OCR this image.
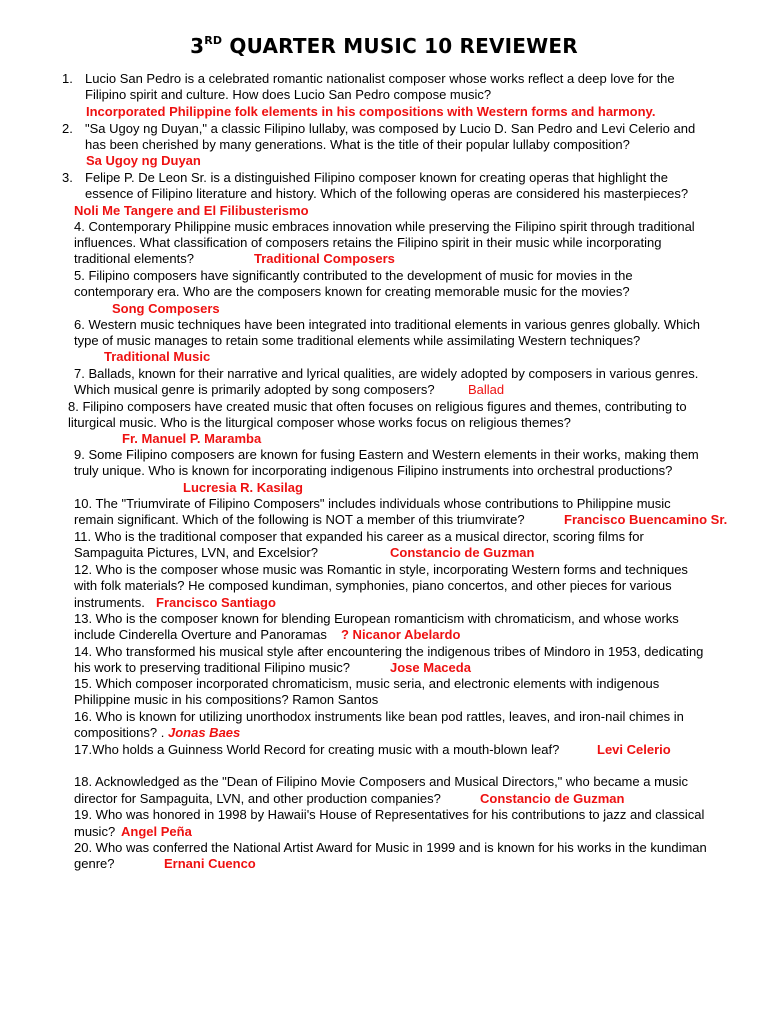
3RD QUARTER MUSIC 10 REVIEWER
1. Lucio San Pedro is a celebrated romantic nationalist composer whose works reflect a deep love for the
Filipino spirit and culture. How does Lucio San Pedro compose music?
Incorporated Philippine folk elements in his compositions with Western forms and harmony.
2. "Sa Ugoy ng Duyan," a classic Filipino lullaby, was composed by Lucio D. San Pedro and Levi Celerio and
has been cherished by many generations. What is the title of their popular lullaby composition?
Sa Ugoy ng Duyan
3. Felipe P. De Leon Sr. is a distinguished Filipino composer known for creating operas that highlight the
essence of Filipino literature and history. Which of the following operas are considered his masterpieces?
Noli Me Tangere and El Filibusterismo
4. Contemporary Philippine music embraces innovation while preserving the Filipino spirit through traditional
influences. What classification of composers retains the Filipino spirit in their music while incorporating
traditional elements?	Traditional Composers
5. Filipino composers have significantly contributed to the development of music for movies in the
contemporary era. Who are the composers known for creating memorable music for the movies?
Song Composers
6. Western music techniques have been integrated into traditional elements in various genres globally. Which
type of music manages to retain some traditional elements while assimilating Western techniques?
Traditional Music
7. Ballads, known for their narrative and lyrical qualities, are widely adopted by composers in various genres.
Which musical genre is primarily adopted by song composers?	Ballad
8. Filipino composers have created music that often focuses on religious figures and themes, contributing to
liturgical music. Who is the liturgical composer whose works focus on religious themes?
Fr. Manuel P. Maramba
9. Some Filipino composers are known for fusing Eastern and Western elements in their works, making them
truly unique. Who is known for incorporating indigenous Filipino instruments into orchestral productions?
Lucresia R. Kasilag
10. The "Triumvirate of Filipino Composers" includes individuals whose contributions to Philippine music
remain significant. Which of the following is NOT a member of this triumvirate?	Francisco Buencamino Sr.
11. Who is the traditional composer that expanded his career as a musical director, scoring films for
Sampaguita Pictures, LVN, and Excelsior?	Constancio de Guzman
12. Who is the composer whose music was Romantic in style, incorporating Western forms and techniques
with folk materials? He composed kundiman, symphonies, piano concertos, and other pieces for various
instruments. Francisco Santiago
13. Who is the composer known for blending European romanticism with chromaticism, and whose works
include Cinderella Overture and Panoramas ? Nicanor Abelardo
14. Who transformed his musical style after encountering the indigenous tribes of Mindoro in 1953, dedicating
his work to preserving traditional Filipino music?	Jose Maceda
15. Which composer incorporated chromaticism, music seria, and electronic elements with indigenous
Philippine music in his compositions? Ramon Santos
16. Who is known for utilizing unorthodox instruments like bean pod rattles, leaves, and iron-nail chimes in
compositions? . Jonas Baes
17.Who holds a Guinness World Record for creating music with a mouth-blown leaf?	Levi Celerio
18. Acknowledged as the "Dean of Filipino Movie Composers and Musical Directors," who became a music
director for Sampaguita, LVN, and other production companies?	Constancio de Guzman
19. Who was honored in 1998 by Hawaii's House of Representatives for his contributions to jazz and classical
music? Angel Peña
20. Who was conferred the National Artist Award for Music in 1999 and is known for his works in the kundiman
genre?	Ernani Cuenco
